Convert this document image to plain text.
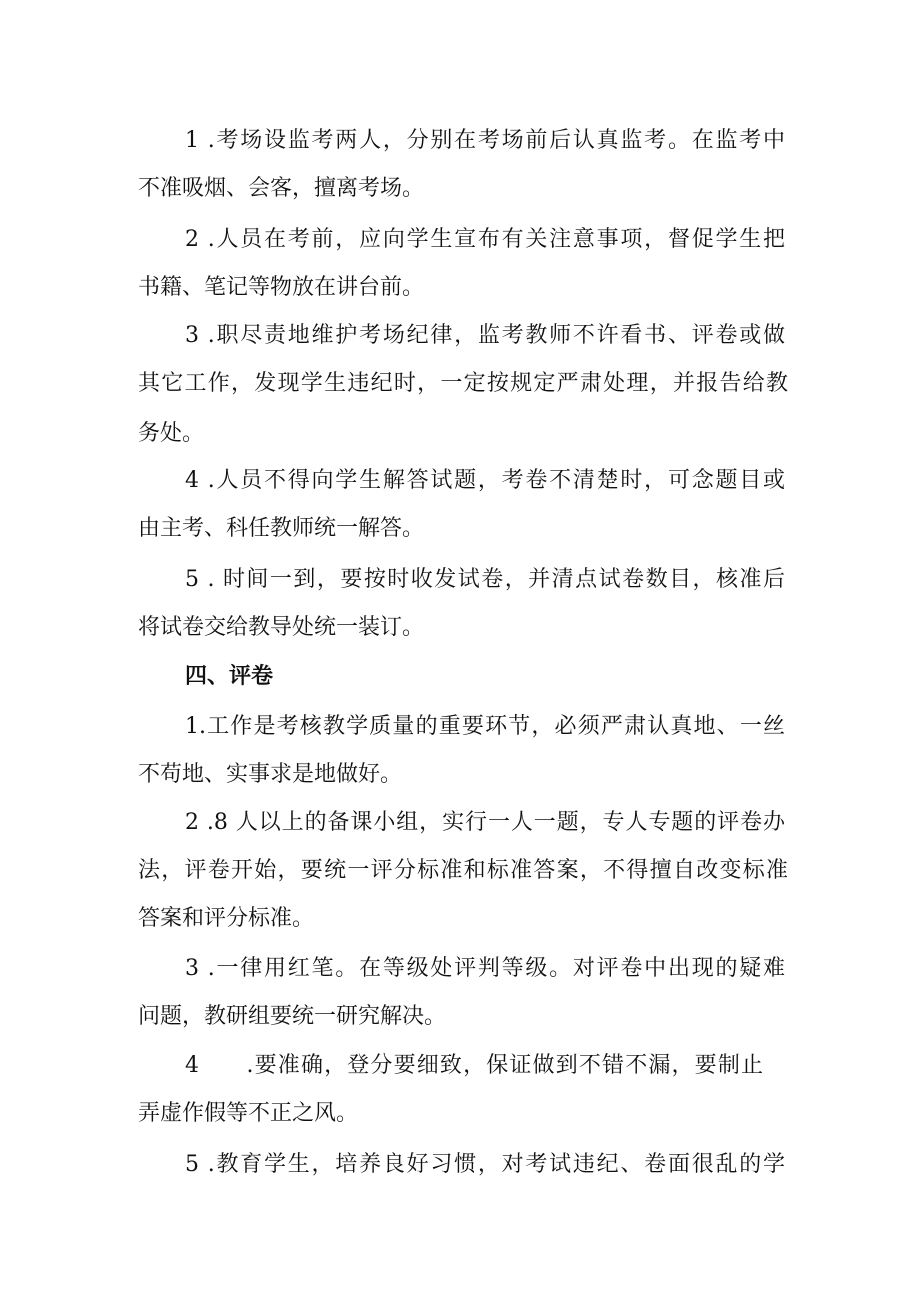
1 .考场设监考两人，分别在考场前后认真监考。在监考中
不准吸烟、会客，擅离考场。
2 .人员在考前，应向学生宣布有关注意事项，督促学生把
书籍、笔记等物放在讲台前。
3 .职尽责地维护考场纪律，监考教师不许看书、评卷或做
其它工作，发现学生违纪时，一定按规定严肃处理，并报告给教
务处。
4 .人员不得向学生解答试题，考卷不清楚时，可念题目或
由主考、科任教师统一解答。
5 . 时间一到，要按时收发试卷，并清点试卷数目，核准后
将试卷交给教导处统一装订。
四、评卷
1.工作是考核教学质量的重要环节，必须严肃认真地、一丝
不苟地、实事求是地做好。
2 .8 人以上的备课小组，实行一人一题，专人专题的评卷办
法，评卷开始，要统一评分标准和标准答案，不得擅自改变标准
答案和评分标准。
3 .一律用红笔。在等级处评判等级。对评卷中出现的疑难
问题，教研组要统一研究解决。
4　　.要准确，登分要细致，保证做到不错不漏，要制止
弄虚作假等不正之风。
5 .教育学生，培养良好习惯，对考试违纪、卷面很乱的学
